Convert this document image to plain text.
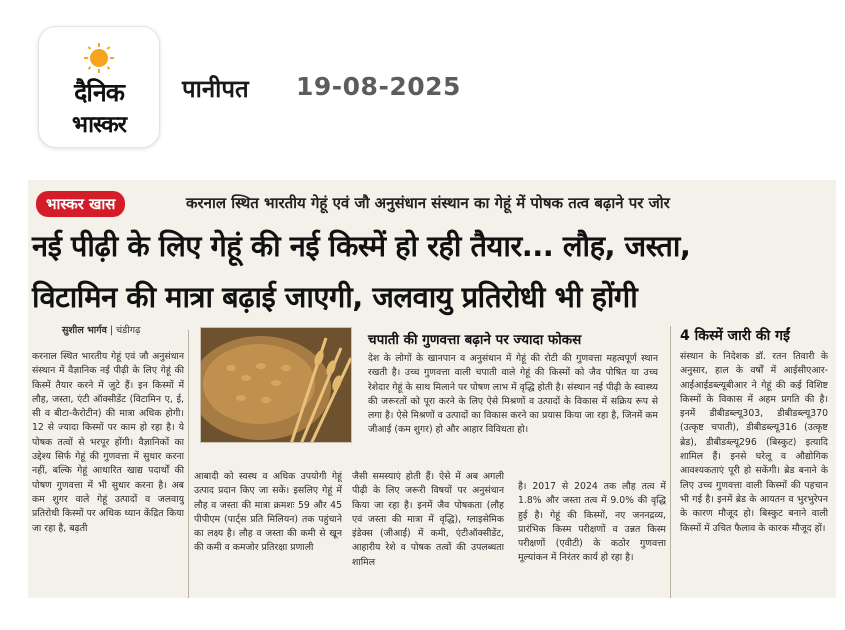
दैनिक
भास्कर
पानीपत 19-08-2025
भास्कर खास	करनाल स्थित भारतीय गेहूं एवं जौ अनुसंधान संस्थान का गेहूं में पोषक तत्व बढ़ाने पर जोर
नई पीढ़ी के लिए गेहूं की नई किस्में हो रही तैयार... लौह, जस्ता,
विटामिन की मात्रा बढ़ाई जाएगी, जलवायु प्रतिरोधी भी होंगी
सुशील भार्गव | चंडीगढ़
करनाल स्थित भारतीय गेहूं एवं जौ अनुसंधान संस्थान में वैज्ञानिक नई पीढ़ी के लिए गेहूं की किस्में तैयार करने में जुटे हैं। इन किस्मों में लौह, जस्ता, एंटी ऑक्सीडेंट (विटामिन ए, ई, सी व बीटा-कैरोटीन) की मात्रा अधिक होगी। 12 से ज्यादा किस्मों पर काम हो रहा है। ये पोषक तत्वों से भरपूर होंगी। वैज्ञानिकों का उद्देश्य सिर्फ गेहूं की गुणवत्ता में सुधार करना नहीं, बल्कि गेहूं आधारित खाद्य पदार्थों की पोषण गुणवत्ता में भी सुधार करना है। अब कम शुगर वाले गेहूं उत्पादों व जलवायु प्रतिरोधी किस्मों पर अधिक ध्यान केंद्रित किया जा रहा है, बढ़ती
आबादी को स्वस्थ व अधिक उपयोगी गेहूं उत्पाद प्रदान किए जा सकें। इसलिए गेहूं में लौह व जस्ता की मात्रा क्रमशः 59 और 45 पीपीएम (पार्ट्स प्रति मिलियन) तक पहुंचाने का लक्ष्य है। लौह व जस्ता की कमी से खून की कमी व कमजोर प्रतिरक्षा प्रणाली
जैसी समस्याएं होती हैं। ऐसे में अब अगली पीढ़ी के लिए जरूरी विषयों पर अनुसंधान किया जा रहा है। इनमें जैव पोषकता (लौह एवं जस्ता की मात्रा में वृद्धि), ग्लाइसेमिक इंडेक्स (जीआई) में कमी, एंटीऑक्सीडेंट, आहारीय रेशे व पोषक तत्वों की उपलब्धता शामिल
चपाती की गुणवत्ता बढ़ाने पर ज्यादा फोकस
देश के लोगों के खानपान व अनुसंधान में गेहूं की रोटी की गुणवत्ता महत्वपूर्ण स्थान रखती है। उच्च गुणवत्ता वाली चपाती वाले गेहूं की किस्मों को जैव पोषित या उच्च रेशेदार गेहूं के साथ मिलाने पर पोषण लाभ में वृद्धि होती है। संस्थान नई पीढ़ी के स्वास्थ्य की जरूरतों को पूरा करने के लिए ऐसे मिश्रणों व उत्पादों के विकास में सक्रिय रूप से लगा है। ऐसे मिश्रणों व उत्पादों का विकास करने का प्रयास किया जा रहा है, जिनमें कम जीआई (कम शुगर) हो और आहार विविधता हो।
है। 2017 से 2024 तक लौह तत्व में 1.8% और जस्ता तत्व में 9.0% की वृद्धि हुई है। गेहूं की किस्मों, नए जननद्रव्य, प्रारंभिक किस्म परीक्षणों व उन्नत किस्म परीक्षणों (एवीटी) के कठोर गुणवत्ता मूल्यांकन में निरंतर कार्य हो रहा है।
4 किस्में जारी की गईं
संस्थान के निदेशक डॉ. रतन तिवारी के अनुसार, हाल के वर्षों में आईसीएआर-आईआईडब्ल्यूबीआर ने गेहूं की कई विशिष्ट किस्मों के विकास में अहम प्रगति की है। इनमें डीबीडब्ल्यू303, डीबीडब्ल्यू370 (उत्कृष्ट चपाती), डीबीडब्ल्यू316 (उत्कृष्ट ब्रेड), डीबीडब्ल्यू296 (बिस्कुट) इत्यादि शामिल हैं। इनसे घरेलू व औद्योगिक आवश्यकताएं पूरी हो सकेंगी। ब्रेड बनाने के लिए उच्च गुणवत्ता वाली किस्मों की पहचान भी गई है। इनमें ब्रेड के आयतन व भुरभुरेपन के कारण मौजूद हो। बिस्कुट बनाने वाली किस्मों में उचित फैलाव के कारक मौजूद हों।
